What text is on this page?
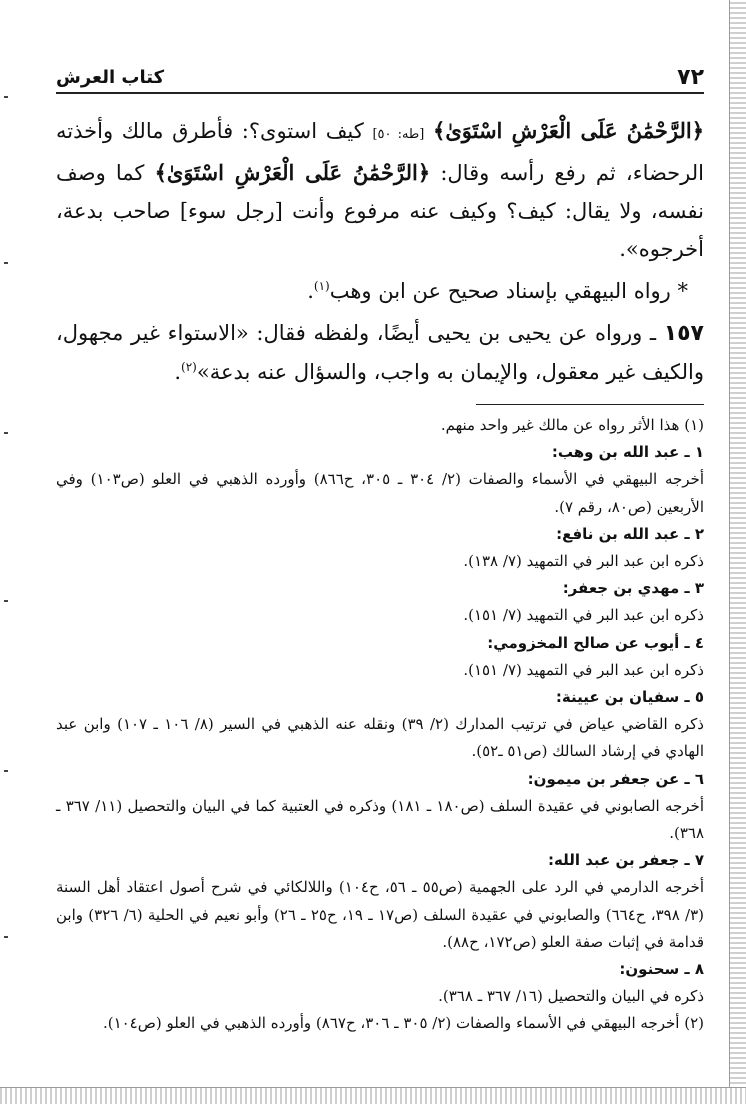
٧٢
كتاب العرش

﴿الرَّحْمَٰنُ عَلَى الْعَرْشِ اسْتَوَىٰ﴾ [طه: ٥٠] كيف استوى؟: فأطرق مالك وأخذته الرحضاء، ثم رفع رأسه وقال: ﴿الرَّحْمَٰنُ عَلَى الْعَرْشِ اسْتَوَىٰ﴾ كما وصف نفسه، ولا يقال: كيف؟ وكيف عنه مرفوع وأنت [رجل سوء] صاحب بدعة، أخرجوه».

* رواه البيهقي بإسناد صحيح عن ابن وهب$^{(١)}$.

١٥٧ ـ ورواه عن يحيى بن يحيى أيضًا، ولفظه فقال: «الاستواء غير مجهول، والكيف غير معقول، والإيمان به واجب، والسؤال عنه بدعة»$^{(٢)}$.

(١) هذا الأثر رواه عن مالك غير واحد منهم.
١ ـ عبد الله بن وهب:
أخرجه البيهقي في الأسماء والصفات (٢/ ٣٠٤ ـ ٣٠٥، ح٨٦٦) وأورده الذهبي في العلو (ص١٠٣) وفي الأربعين (ص٨٠، رقم ٧).
٢ ـ عبد الله بن نافع:
ذكره ابن عبد البر في التمهيد (٧/ ١٣٨).
٣ ـ مهدي بن جعفر:
ذكره ابن عبد البر في التمهيد (٧/ ١٥١).
٤ ـ أيوب عن صالح المخزومي:
ذكره ابن عبد البر في التمهيد (٧/ ١٥١).
٥ ـ سفيان بن عيينة:
ذكره القاضي عياض في ترتيب المدارك (٢/ ٣٩) ونقله عنه الذهبي في السير (٨/ ١٠٦ ـ ١٠٧) وابن عبد الهادي في إرشاد السالك (ص٥١ ـ٥٢).
٦ ـ عن جعفر بن ميمون:
أخرجه الصابوني في عقيدة السلف (ص١٨٠ ـ ١٨١) وذكره في العتبية كما في البيان والتحصيل (١١/ ٣٦٧ ـ ٣٦٨).
٧ ـ جعفر بن عبد الله:
أخرجه الدارمي في الرد على الجهمية (ص٥٥ ـ ٥٦، ح١٠٤) واللالكائي في شرح أصول اعتقاد أهل السنة (٣/ ٣٩٨، ح٦٦٤) والصابوني في عقيدة السلف (ص١٧ ـ ١٩، ح٢٥ ـ ٢٦) وأبو نعيم في الحلية (٦/ ٣٢٦) وابن قدامة في إثبات صفة العلو (ص١٧٢، ح٨٨).
٨ ـ سحنون:
ذكره في البيان والتحصيل (١٦/ ٣٦٧ ـ ٣٦٨).
(٢) أخرجه البيهقي في الأسماء والصفات (٢/ ٣٠٥ ـ ٣٠٦، ح٨٦٧) وأورده الذهبي في العلو (ص١٠٤).
